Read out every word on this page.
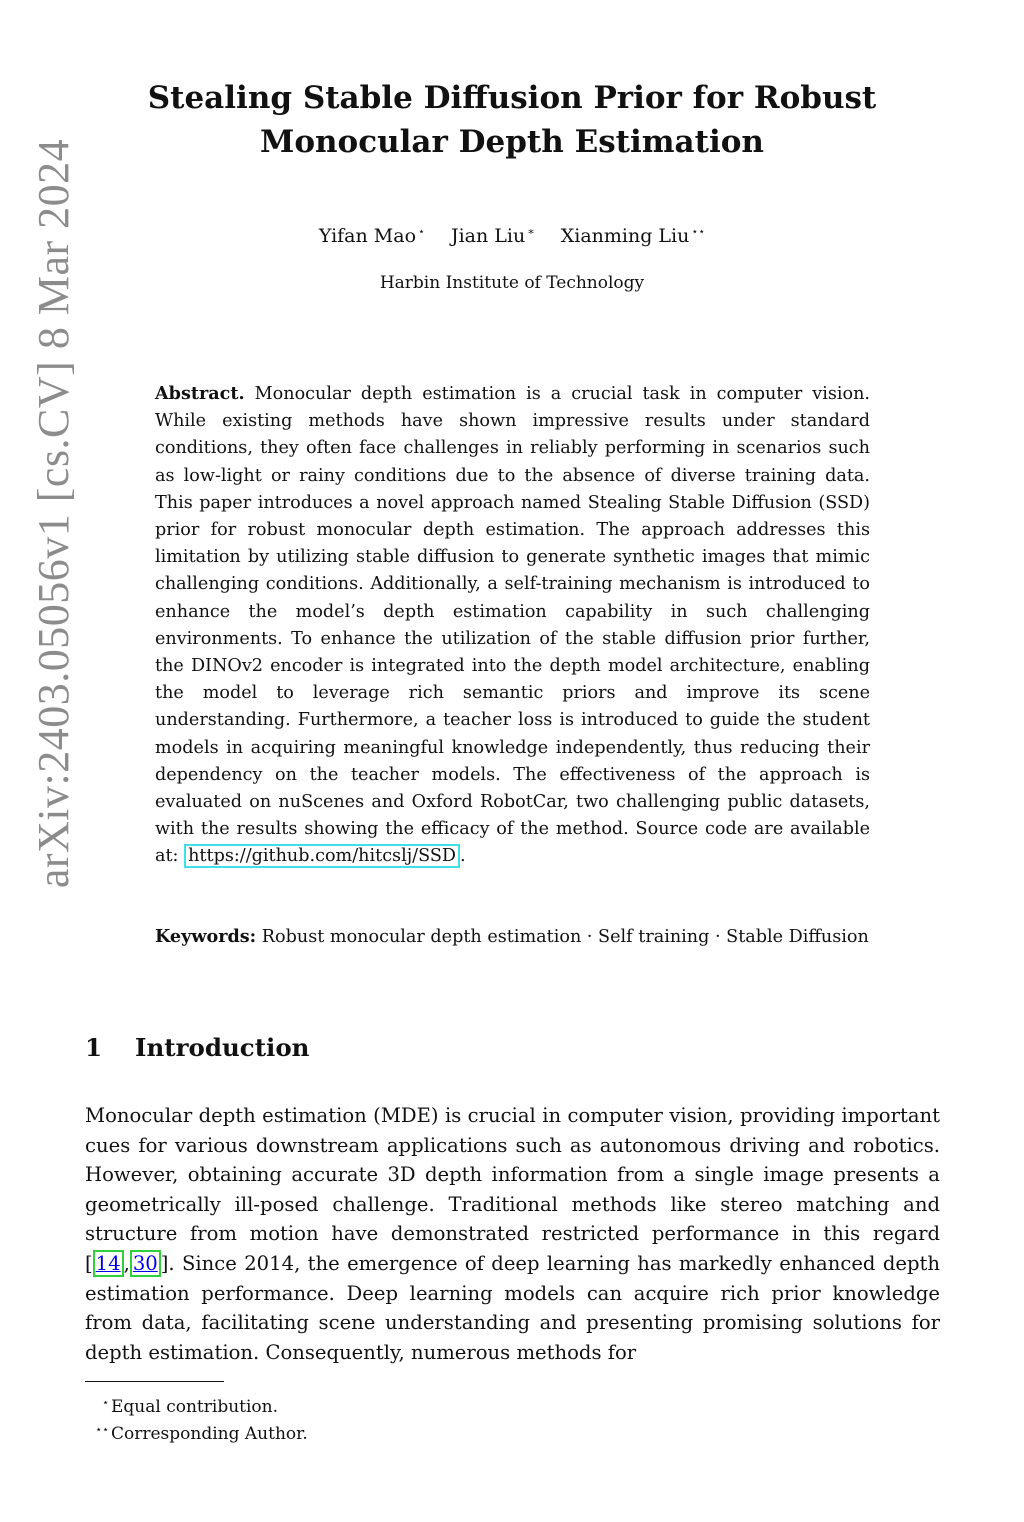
arXiv:2403.05056v1 [cs.CV] 8 Mar 2024
Stealing Stable Diffusion Prior for Robust
Monocular Depth Estimation
Yifan Mao ⋆ Jian Liu ∗ Xianming Liu ⋆⋆
Harbin Institute of Technology

Abstract. Monocular depth estimation is a crucial task in computer vision. While existing methods have shown impressive results under standard conditions, they often face challenges in reliably performing in scenarios such as low-light or rainy conditions due to the absence of diverse training data. This paper introduces a novel approach named Stealing Stable Diffusion (SSD) prior for robust monocular depth estimation. The approach addresses this limitation by utilizing stable diffusion to generate synthetic images that mimic challenging conditions. Additionally, a self-training mechanism is introduced to enhance the model’s depth estimation capability in such challenging environments. To enhance the utilization of the stable diffusion prior further, the DINOv2 encoder is integrated into the depth model architecture, enabling the model to leverage rich semantic priors and improve its scene understanding. Furthermore, a teacher loss is introduced to guide the student models in acquiring meaningful knowledge independently, thus reducing their dependency on the teacher models. The effectiveness of the approach is evaluated on nuScenes and Oxford RobotCar, two challenging public datasets, with the results showing the efficacy of the method. Source code are available at: https://github.com/hitcslj/SSD .

Keywords: Robust monocular depth estimation · Self training · Stable Diffusion

1 Introduction

Monocular depth estimation (MDE) is crucial in computer vision, providing important cues for various downstream applications such as autonomous driving and robotics. However, obtaining accurate 3D depth information from a single image presents a geometrically ill-posed challenge. Traditional methods like stereo matching and structure from motion have demonstrated restricted performance in this regard [ 14 , 30 ]. Since 2014, the emergence of deep learning has markedly enhanced depth estimation performance. Deep learning models can acquire rich prior knowledge from data, facilitating scene understanding and presenting promising solutions for depth estimation. Consequently, numerous methods for

⋆ Equal contribution.

⋆⋆ Corresponding Author.
